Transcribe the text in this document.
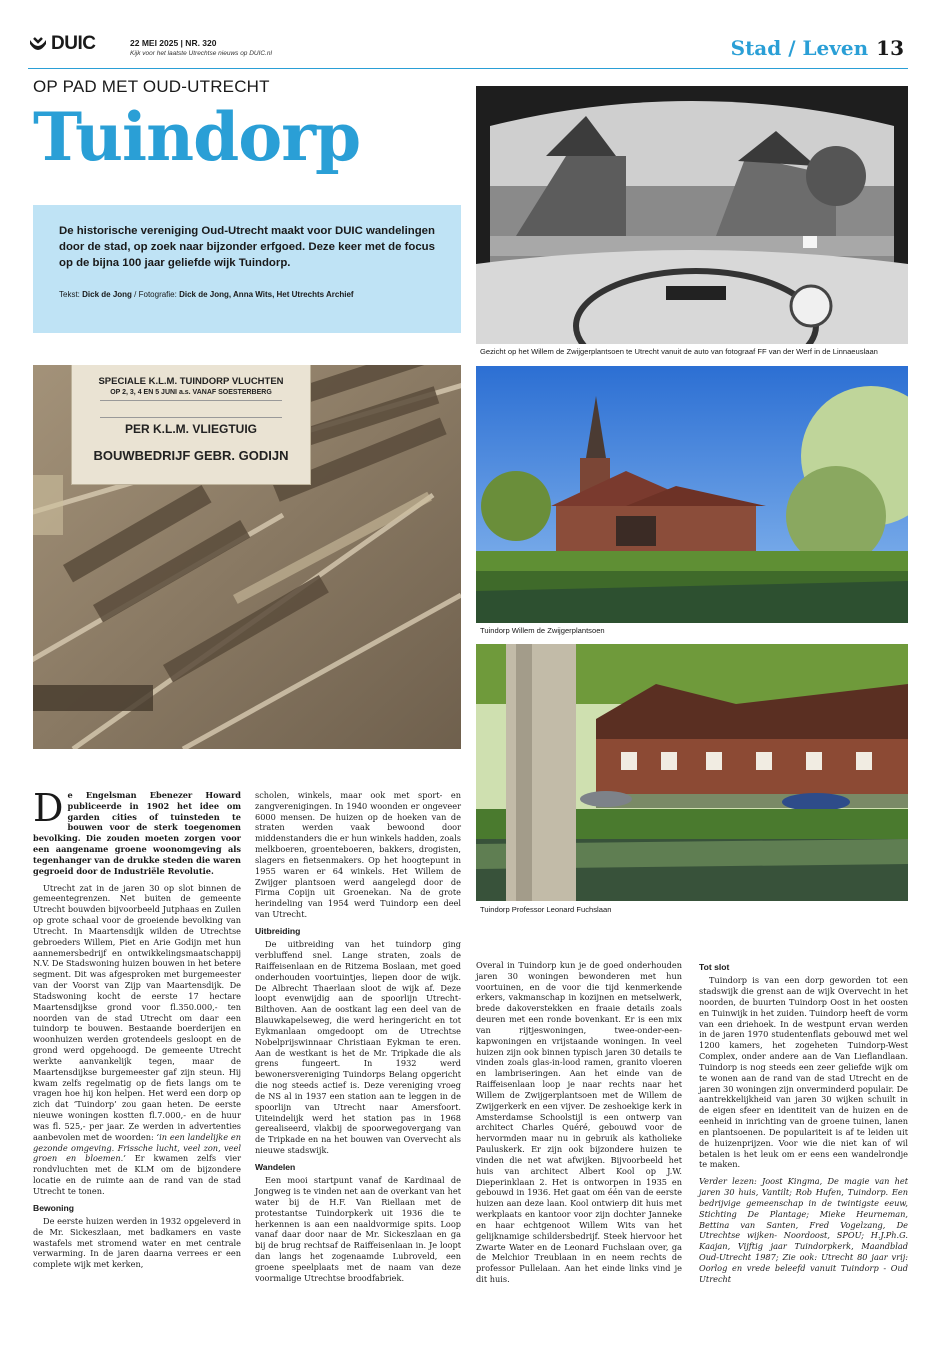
DUIC	22 MEI 2025 | NR. 320
Kijk voor het laatste Utrechtse nieuws op DUIC.nl	Stad / Leven 13
OP PAD MET OUD-UTRECHT
Tuindorp
De historische vereniging Oud-Utrecht maakt voor DUIC wandelingen door de stad, op zoek naar bijzonder erfgoed. Deze keer met de focus op de bijna 100 jaar geliefde wijk Tuindorp.
Tekst: Dick de Jong / Fotografie: Dick de Jong, Anna Wits, Het Utrechts Archief
SPECIALE K.L.M. TUINDORP VLUCHTEN
OP 2, 3, 4 EN 5 JUNI a.s. VANAF SOESTERBERG
PER K.L.M. VLIEGTUIG
BOUWBEDRIJF GEBR. GODIJN
Gezicht op het Willem de Zwijgerplantsoen te Utrecht vanuit de auto van fotograaf FF van der Werf in de Linnaeuslaan
Tuindorp Willem de Zwijgerplantsoen
Tuindorp Professor Leonard Fuchslaan

D e Engelsman Ebenezer Howard publiceerde in 1902 het idee om garden cities of tuinsteden te bouwen voor de sterk toegenomen bevolking. Die zouden moeten zorgen voor een aangename groene woonomgeving als tegenhanger van de drukke steden die waren gegroeid door de Industriële Revolutie.

Utrecht zat in de jaren 30 op slot binnen de gemeentegrenzen. Net buiten de gemeente Utrecht bouwden bijvoorbeeld Jutphaas en Zuilen op grote schaal voor de groeiende bevolking van Utrecht. In Maartensdijk wilden de Utrechtse gebroeders Willem, Piet en Arie Godijn met hun aannemersbedrijf en ontwikkelingsmaatschappij N.V. De Stadswoning huizen bouwen in het betere segment. Dit was afgesproken met burgemeester van der Voorst van Zijp van Maartensdijk. De Stadswoning kocht de eerste 17 hectare Maartensdijkse grond voor fl.350.000,- ten noorden van de stad Utrecht om daar een tuindorp te bouwen. Bestaande boerderijen en woonhuizen werden grotendeels gesloopt en de grond werd opgehoogd. De gemeente Utrecht werkte aanvankelijk tegen, maar de Maartensdijkse burgemeester gaf zijn steun. Hij kwam zelfs regelmatig op de fiets langs om te vragen hoe hij kon helpen. Het werd een dorp op zich dat ‘Tuindorp’ zou gaan heten. De eerste nieuwe woningen kostten fl.7.000,- en de huur was fl. 525,- per jaar. Ze werden in advertenties aanbevolen met de woorden: ‘in een landelijke en gezonde omgeving. Frissche lucht, veel zon, veel groen en bloemen.’ Er kwamen zelfs vier rondvluchten met de KLM om de bijzondere locatie en de ruimte aan de rand van de stad Utrecht te tonen.

Bewoning

De eerste huizen werden in 1932 opgeleverd in de Mr. Sickeszlaan, met badkamers en vaste wastafels met stromend water en met centrale verwarming. In de jaren daarna verrees er een complete wijk met kerken,

scholen, winkels, maar ook met sport- en zangverenigingen. In 1940 woonden er ongeveer 6000 mensen. De huizen op de hoeken van de straten werden vaak bewoond door middenstanders die er hun winkels hadden, zoals melkboeren, groenteboeren, bakkers, drogisten, slagers en fietsenmakers. Op het hoogtepunt in 1955 waren er 64 winkels. Het Willem de Zwijger plantsoen werd aangelegd door de Firma Copijn uit Groenekan. Na de grote herindeling van 1954 werd Tuindorp een deel van Utrecht.

Uitbreiding

De uitbreiding van het tuindorp ging verbluffend snel. Lange straten, zoals de Raiffeisenlaan en de Ritzema Boslaan, met goed onderhouden voortuintjes, liepen door de wijk. De Albrecht Thaerlaan sloot de wijk af. Deze loopt evenwijdig aan de spoorlijn Utrecht-Bilthoven. Aan de oostkant lag een deel van de Blauwkapelseweg, die werd heringericht en tot Eykmanlaan omgedoopt om de Utrechtse Nobelprijswinnaar Christiaan Eykman te eren. Aan de westkant is het de Mr. Tripkade die als grens fungeert. In 1932 werd bewonersvereniging Tuindorps Belang opgericht die nog steeds actief is. Deze vereniging vroeg de NS al in 1937 een station aan te leggen in de spoorlijn van Utrecht naar Amersfoort. Uiteindelijk werd het station pas in 1968 gerealiseerd, vlakbij de spoorwegovergang van de Tripkade en na het bouwen van Overvecht als nieuwe stadswijk.

Wandelen

Een mooi startpunt vanaf de Kardinaal de Jongweg is te vinden net aan de overkant van het water bij de H.F. Van Riellaan met de protestantse Tuindorpkerk uit 1936 die te herkennen is aan een naaldvormige spits. Loop vanaf daar door naar de Mr. Sickeszlaan en ga bij de brug rechtsaf de Raiffeisenlaan in. Je loopt dan langs het zogenaamde Lubroveld, een groene speelplaats met de naam van deze voormalige Utrechtse broodfabriek.

Overal in Tuindorp kun je de goed onderhouden jaren 30 woningen bewonderen met hun voortuinen, en de voor die tijd kenmerkende erkers, vakmanschap in kozijnen en metselwerk, brede dakoverstekken en fraaie details zoals deuren met een ronde bovenkant. Er is een mix van rijtjeswoningen, twee-onder-een-kapwoningen en vrijstaande woningen. In veel huizen zijn ook binnen typisch jaren 30 details te vinden zoals glas-in-lood ramen, granito vloeren en lambriseringen. Aan het einde van de Raiffeisenlaan loop je naar rechts naar het Willem de Zwijgerplantsoen met de Willem de Zwijgerkerk en een vijver. De zeshoekige kerk in Amsterdamse Schoolstijl is een ontwerp van architect Charles Quéré, gebouwd voor de hervormden maar nu in gebruik als katholieke Pauluskerk. Er zijn ook bijzondere huizen te vinden die net wat afwijken. Bijvoorbeeld het huis van architect Albert Kool op J.W. Dieperinklaan 2. Het is ontworpen in 1935 en gebouwd in 1936. Het gaat om één van de eerste huizen aan deze laan. Kool ontwierp dit huis met werkplaats en kantoor voor zijn dochter Janneke en haar echtgenoot Willem Wits van het gelijknamige schildersbedrijf. Steek hiervoor het Zwarte Water en de Leonard Fuchslaan over, ga de Melchior Treublaan in en neem rechts de professor Pullelaan. Aan het einde links vind je dit huis.

Tot slot

Tuindorp is van een dorp geworden tot een stadswijk die grenst aan de wijk Overvecht in het noorden, de buurten Tuindorp Oost in het oosten en Tuinwijk in het zuiden. Tuindorp heeft de vorm van een driehoek. In de westpunt ervan werden in de jaren 1970 studentenflats gebouwd met wel 1200 kamers, het zogeheten Tuindorp-West Complex, onder andere aan de Van Lieflandlaan. Tuindorp is nog steeds een zeer geliefde wijk om te wonen aan de rand van de stad Utrecht en de jaren 30 woningen zijn onverminderd populair. De aantrekkelijkheid van jaren 30 wijken schuilt in de eigen sfeer en identiteit van de huizen en de eenheid in inrichting van de groene tuinen, lanen en plantsoenen. De populariteit is af te leiden uit de huizenprijzen. Voor wie die niet kan of wil betalen is het leuk om er eens een wandelrondje te maken.

Verder lezen: Joost Kingma, De magie van het jaren 30 huis, Vantilt; Rob Hufen, Tuindorp. Een bedrijvige gemeenschap in de twintigste eeuw, Stichting De Plantage; Mieke Heurneman, Bettina van Santen, Fred Vogelzang, De Utrechtse wijken- Noordoost, SPOU; H.J.Ph.G. Kaajan, Vijftig jaar Tuindorpkerk, Maandblad Oud-Utrecht 1987; Zie ook: Utrecht 80 jaar vrij: Oorlog en vrede beleefd vanuit Tuindorp - Oud Utrecht
